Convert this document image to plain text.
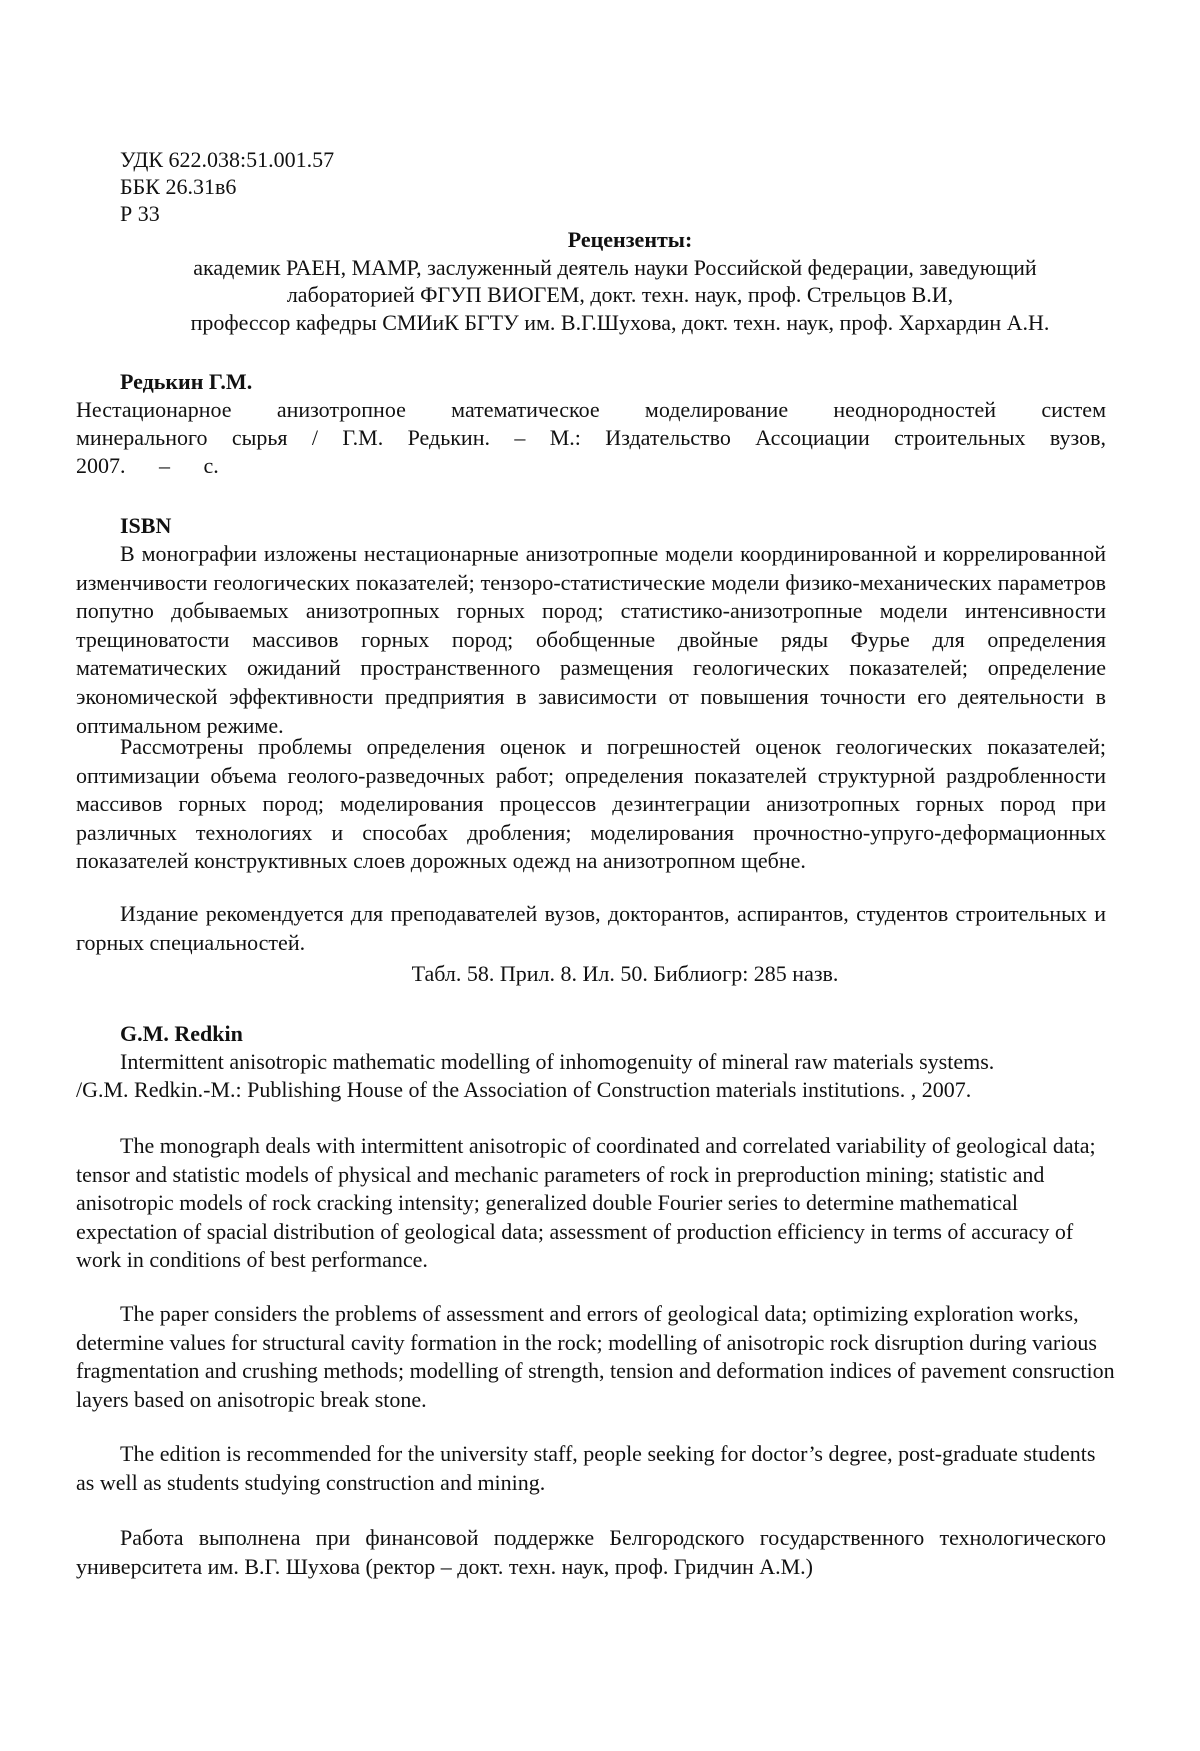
УДК 622.038:51.001.57
ББК 26.31в6
Р 33
Рецензенты:
академик РАЕН, МАМР, заслуженный деятель науки Российской федерации, заведующий
лабораторией ФГУП ВИОГЕМ, докт. техн. наук, проф. Стрельцов В.И,
профессор кафедры СМИиК БГТУ им. В.Г.Шухова, докт. техн. наук, проф. Хархардин А.Н.
Редькин Г.М.
Нестационарное анизотропное математическое моделирование неоднородностей систем
минерального сырья / Г.М. Редькин. – М.: Издательство Ассоциации строительных вузов,
2007. – с.
ISBN
В монографии изложены нестационарные анизотропные модели координированной и коррелированной изменчивости геологических показателей; тензоро-статистические модели физико-механических параметров попутно добываемых анизотропных горных пород; статистико-анизотропные модели интенсивности трещиноватости массивов горных пород; обобщенные двойные ряды Фурье для определения математических ожиданий пространственного размещения геологических показателей; определение экономической эффективности предприятия в зависимости от повышения точности его деятельности в оптимальном режиме.
Рассмотрены проблемы определения оценок и погрешностей оценок геологических показателей; оптимизации объема геолого-разведочных работ; определения показателей структурной раздробленности массивов горных пород; моделирования процессов дезинтеграции анизотропных горных пород при различных технологиях и способах дробления; моделирования прочностно-упруго-деформационных показателей конструктивных слоев дорожных одежд на анизотропном щебне.
Издание рекомендуется для преподавателей вузов, докторантов, аспирантов, студентов строительных и горных специальностей.
Табл. 58. Прил. 8. Ил. 50. Библиогр: 285 назв.
G.M. Redkin
Intermittent anisotropic mathematic modelling of inhomogenuity of mineral raw materials systems.
/G.M. Redkin.-M.: Publishing House of the Association of Construction materials institutions. , 2007.
The monograph deals with intermittent anisotropic of coordinated and correlated variability of geological data; tensor and statistic models of physical and mechanic parameters of rock in preproduction mining; statistic and anisotropic models of rock cracking intensity; generalized double Fourier series to determine mathematical expectation of spacial distribution of geological data; assessment of production efficiency in terms of accuracy of work in conditions of best performance.
The paper considers the problems of assessment and errors of geological data; optimizing exploration works, determine values for structural cavity formation in the rock; modelling of anisotropic rock disruption during various fragmentation and crushing methods; modelling of strength, tension and deformation indices of pavement consruction layers based on anisotropic break stone.
The edition is recommended for the university staff, people seeking for doctor’s degree, post-graduate students as well as students studying construction and mining.
Работа выполнена при финансовой поддержке Белгородского государственного технологического университета им. В.Г. Шухова (ректор – докт. техн. наук, проф. Гридчин А.М.)
